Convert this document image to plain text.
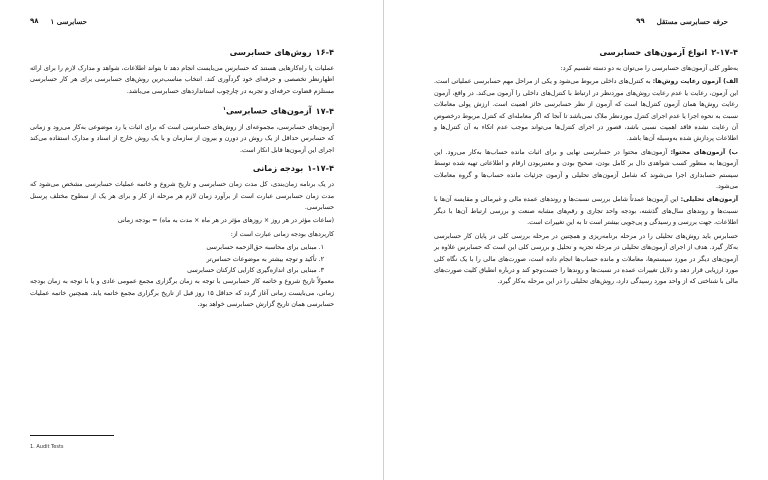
حسابرسی ۱
۹۸
۱۶-۴روش‌های حسابرسی

عملیات یا راه‌کارهایی هستند که حسابرس می‌بایست انجام دهد تا بتواند اطلاعات، شواهد و مدارک لازم را برای ارائه اظهارنظر تخصصی و حرفه‌ای خود گردآوری کند. انتخاب مناسب‌ترین روش‌های حسابرسی برای هر کار حسابرسی مستلزم قضاوت حرفه‌ای و تجربه در چارچوب استانداردهای حسابرسی می‌باشد.

۱۷-۴آزمون‌های حسابرسی$^۱$

آزمون‌های حسابرسی، مجموعه‌ای از روش‌های حسابرسی است که برای اثبات یا رد موضوعی به‌کار می‌رود و زمانی که حسابرس حداقل از یک روش در دورن و بیرون از سازمان و یا یک روش خارج از اسناد و مدارک استفاده می‌کند اجرای این آزمون‌ها قابل انکار است.

۱-۱۷-۴بودجه زمانی

در یک برنامه زمان‌بندی، کل مدت زمان حسابرسی و تاریخ شروع و خاتمه عملیات حسابرسی مشخص می‌شود که مدت زمان حسابرسی عبارت است از برآورد زمان لازم هر مرحله از کار و برای هر یک از سطوح مختلف پرسنل حسابرسی.

(ساعات مؤثر در هر روز × روزهای مؤثر در هر ماه × مدت به ماه) = بودجه زمانی

کاربردهای بودجه زمانی عبارت است از:

۱. مبنایی برای محاسبه حق‌الزحمه حسابرسی
۲. تأکید و توجه بیشتر به موضوعات حساس‌تر
۳. مبنایی برای اندازه‌گیری کارایی کارکنان حسابرسی

معمولاً تاریخ شروع و خاتمه کار حسابرسی با توجه به زمان برگزاری مجمع عمومی عادی و یا با توجه به زمان بودجه زمانی، می‌بایست زمانی آغاز گردد که حداقل ۱۵ روز قبل از تاریخ برگزاری مجمع خاتمه یابد. همچنین خاتمه عملیات حسابرسی همان تاریخ گزارش حسابرسی خواهد بود.

1. Audit Tests
حرفه حسابرسی مستقل
۹۹
۲-۱۷-۴انواع آزمون‌های حسابرسی

به‌طور کلی آزمون‌های حسابرسی را می‌توان به دو دسته تقسیم کرد:

الف) آزمون رعایت روش‌ها: به کنترل‌های داخلی مربوط می‌شود و یکی از مراحل مهم حسابرسی عملیاتی است. این آزمون، رعایت یا عدم رعایت روش‌های موردنظر در ارتباط با کنترل‌های داخلی را آزمون می‌کند. در واقع، آزمون رعایت روش‌ها همان آزمون کنترل‌ها است که آزمون از نظر حسابرسی حائز اهمیت است. ارزش پولی معاملات نسبت به نحوه اجرا یا عدم اجرای کنترل موردنظر ملاک نمی‌باشد تا آنجا که اگر معامله‌ای که کنترل مربوط درخصوص آن رعایت نشده فاقد اهمیت نسبی باشد، قصور در اجرای کنترل‌ها می‌تواند موجب عدم اتکاء به آن کنترل‌ها و اطلاعات پردازش شده به‌وسیله آن‌ها باشد.

ب) آزمون‌های محتوا: آزمون‌های محتوا در حسابرسی نهایی و برای اثبات مانده حساب‌ها به‌کار می‌رود. این آزمون‌ها به منظور کسب شواهدی دال بر کامل بودن، صحیح بودن و معتبربودن ارقام و اطلاعاتی تهیه شده توسط سیستم حسابداری اجرا می‌شوند که شامل آزمون‌های تحلیلی و آزمون جزئیات مانده حساب‌ها و گروه معاملات می‌شود.

آزمون‌های تحلیلی: این آزمون‌ها عمدتاً شامل بررسی نسبت‌ها و روندهای عمده مالی و غیرمالی و مقایسه آن‌ها با نسبت‌ها و روندهای سال‌های گذشته، بودجه واحد تجاری و رقم‌های مشابه صنعت و بررسی ارتباط آن‌ها با دیگر اطلاعات، جهت بررسی و رسیدگی و پی‌جویی بیشتر است تا به این تغییرات است.

حسابرس باید روش‌های تحلیلی را در مرحله برنامه‌ریزی و همچنین در مرحله بررسی کلی در پایان کار حسابرسی به‌کار گیرد. هدف از اجرای آزمون‌های تحلیلی در مرحله تجزیه و تحلیل و بررسی کلی این است که حسابرس علاوه بر آزمون‌های دیگر در مورد سیستم‌ها، معاملات و مانده حساب‌ها انجام داده است، صورت‌های مالی را با یک نگاه کلی مورد ارزیابی قرار دهد و دلایل تغییرات عمده در نسبت‌ها و روندها را جست‌وجو کند و درباره انطباق کلیت صورت‌های مالی با شناختی که از واحد مورد رسیدگی دارد، روش‌های تحلیلی را در این مرحله به‌کار گیرد.
